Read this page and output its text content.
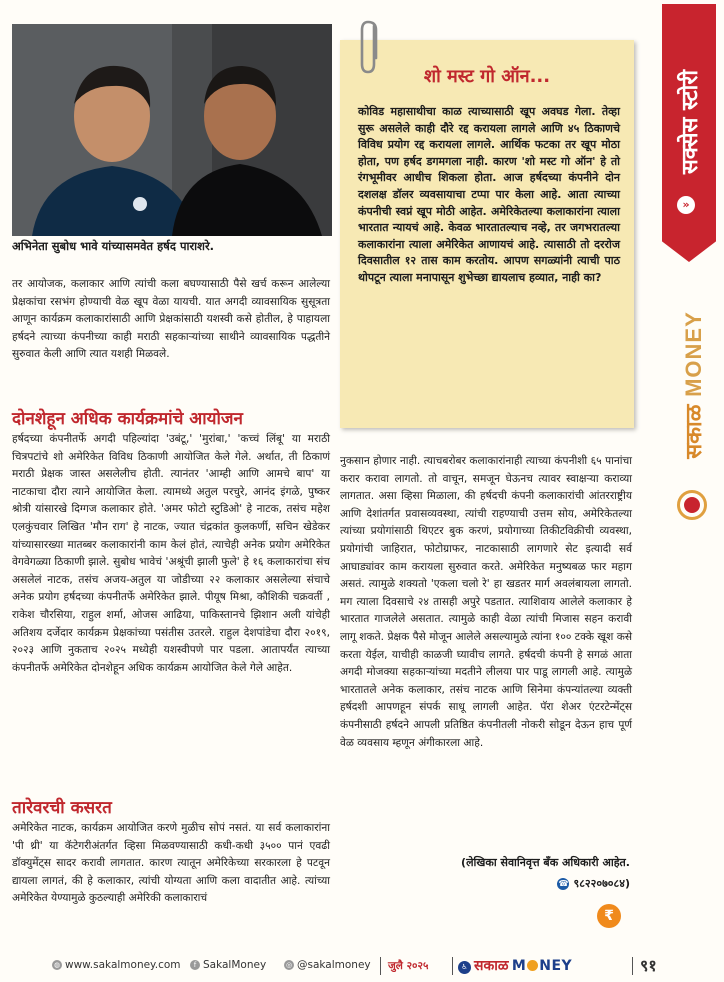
अभिनेता सुबोध भावे यांच्यासमवेत हर्षद पाराशरे.

तर आयोजक, कलाकार आणि त्यांची कला बघण्यासाठी पैसे खर्च करून आलेल्या प्रेक्षकांचा रसभंग होण्याची वेळ खूप वेळा यायची. यात अगदी व्यावसायिक सुसूत्रता आणून कार्यक्रम कलाकारांसाठी आणि प्रेक्षकांसाठी यशस्वी कसे होतील, हे पाहायला हर्षदने त्याच्या कंपनीच्या काही मराठी सहकाऱ्यांच्या साथीने व्यावसायिक पद्धतीने सुरुवात केली आणि त्यात यशही मिळवले.

दोनशेहून अधिक कार्यक्रमांचे आयोजन

हर्षदच्या कंपनीतर्फे अगदी पहिल्यांदा 'उबंटू,' 'मुरांबा,' 'कच्चं लिंबू' या मराठी चित्रपटांचे शो अमेरिकेत विविध ठिकाणी आयोजित केले गेले. अर्थात, ती ठिकाणं मराठी प्रेक्षक जास्त असलेलीच होती. त्यानंतर 'आम्ही आणि आमचे बाप' या नाटकाचा दौरा त्याने आयोजित केला. त्यामध्ये अतुल परचुरे, आनंद इंगळे, पुष्कर श्रोत्री यांसारखे दिग्गज कलाकार होते. 'अमर फोटो स्टुडिओ' हे नाटक, तसंच महेश एलकुंचवार लिखित 'मौन राग' हे नाटक, ज्यात चंद्रकांत कुलकर्णी, सचिन खेडेकर यांच्यासारख्या मातब्बर कलाकारांनी काम केलं होतं, त्याचेही अनेक प्रयोग अमेरिकेत वेगवेगळ्या ठिकाणी झाले. सुबोध भावेचं 'अश्रूंची झाली फुले' हे १६ कलाकारांचा संच असलेलं नाटक, तसंच अजय-अतुल या जोडीच्या २२ कलाकार असलेल्या संचाचे अनेक प्रयोग हर्षदच्या कंपनीतर्फे अमेरिकेत झाले. पीयूष मिश्रा, कौशिकी चक्रवर्ती , राकेश चौरसिया, राहुल शर्मा, ओजस आढिया, पाकिस्तानचे झिशान अली यांचेही अतिशय दर्जेदार कार्यक्रम प्रेक्षकांच्या पसंतीस उतरले. राहुल देशपांडेचा दौरा २०१९, २०२३ आणि नुकताच २०२५ मध्येही यशस्वीपणे पार पडला. आतापर्यंत त्याच्या कंपनीतर्फे अमेरिकेत दोनशेहून अधिक कार्यक्रम आयोजित केले गेले आहेत.

तारेवरची कसरत

अमेरिकेत नाटक, कार्यक्रम आयोजित करणे मुळीच सोपं नसतं. या सर्व कलाकारांना 'पी थ्री' या कॅटेगरीअंतर्गत व्हिसा मिळवण्यासाठी कधी-कधी ३५०० पानं एवढी डॉक्युमेंट्स सादर करावी लागतात. कारण त्यातून अमेरिकेच्या सरकारला हे पटवून द्यायला लागतं, की हे कलाकार, त्यांची योग्यता आणि कला वादातीत आहे. त्यांच्या अमेरिकेत येण्यामुळे कुठल्याही अमेरिकी कलाकाराचं

शो मस्ट गो ऑन...

कोविड महासाथीचा काळ त्याच्यासाठी खूप अवघड गेला. तेव्हा सुरू असलेले काही दौरे रद्द करायला लागले आणि ४५ ठिकाणचे विविध प्रयोग रद्द करायला लागले. आर्थिक फटका तर खूप मोठा होता, पण हर्षद डगमगला नाही. कारण 'शो मस्ट गो ऑन' हे तो रंगभूमीवर आधीच शिकला होता. आज हर्षदच्या कंपनीने दोन दशलक्ष डॉलर व्यवसायाचा टप्पा पार केला आहे. आता त्याच्या कंपनीची स्वप्नं खूप मोठी आहेत. अमेरिकेतल्या कलाकारांना त्याला भारतात न्यायचं आहे. केवळ भारतातल्याच नव्हे, तर जगभरातल्या कलाकारांना त्याला अमेरिकेत आणायचं आहे. त्यासाठी तो दररोज दिवसातील १२ तास काम करतोय. आपण सगळ्यांनी त्याची पाठ थोपटून त्याला मनापासून शुभेच्छा द्यायलाच हव्यात, नाही का?

नुकसान होणार नाही. त्याचबरोबर कलाकारांनाही त्याच्या कंपनीशी ६५ पानांचा करार करावा लागतो. तो वाचून, समजून घेऊनच त्यावर स्वाक्षऱ्या कराव्या लागतात. असा व्हिसा मिळाला, की हर्षदची कंपनी कलाकारांची आंतरराष्ट्रीय आणि देशांतर्गत प्रवासव्यवस्था, त्यांची राहण्याची उत्तम सोय, अमेरिकेतल्या त्यांच्या प्रयोगांसाठी थिएटर बुक करणं, प्रयोगाच्या तिकीटविक्रीची व्यवस्था, प्रयोगांची जाहिरात, फोटोग्राफर, नाटकासाठी लागणारे सेट इत्यादी सर्व आघाड्यांवर काम करायला सुरुवात करते. अमेरिकेत मनुष्यबळ फार महाग असतं. त्यामुळे शक्यतो 'एकला चलो रे' हा खडतर मार्ग अवलंबायला लागतो. मग त्याला दिवसाचे २४ तासही अपुरे पडतात. त्याशिवाय आलेले कलाकार हे भारतात गाजलेले असतात. त्यामुळे काही वेळा त्यांची मिजास सहन करावी लागू शकते. प्रेक्षक पैसे मोजून आलेले असल्यामुळे त्यांना १०० टक्के खूश कसे करता येईल, याचीही काळजी घ्यावीच लागते. हर्षदची कंपनी हे सगळं आता अगदी मोजक्या सहकाऱ्यांच्या मदतीने लीलया पार पाडू लागली आहे. त्यामुळे भारतातले अनेक कलाकार, तसंच नाटक आणि सिनेमा कंपन्यांतल्या व्यक्ती हर्षदशी आपणहून संपर्क साधू लागली आहेत. पॅरा शेअर एंटरटेन्मेंट्स कंपनीसाठी हर्षदने आपली प्रतिष्ठित कंपनीतली नोकरी सोडून देऊन हाच पूर्ण वेळ व्यवसाय म्हणून अंगीकारला आहे.

(लेखिका सेवानिवृत्त बँक अधिकारी आहेत.
☎ ९८२२०७०८४)
₹
सक्सेस स्टोरी
»
सकाळ MONEY
◍ www.sakalmoney.com	f SakalMoney	◎ @sakalmoney जुलै २०२५	♿ सकाळ M NEY	९१
